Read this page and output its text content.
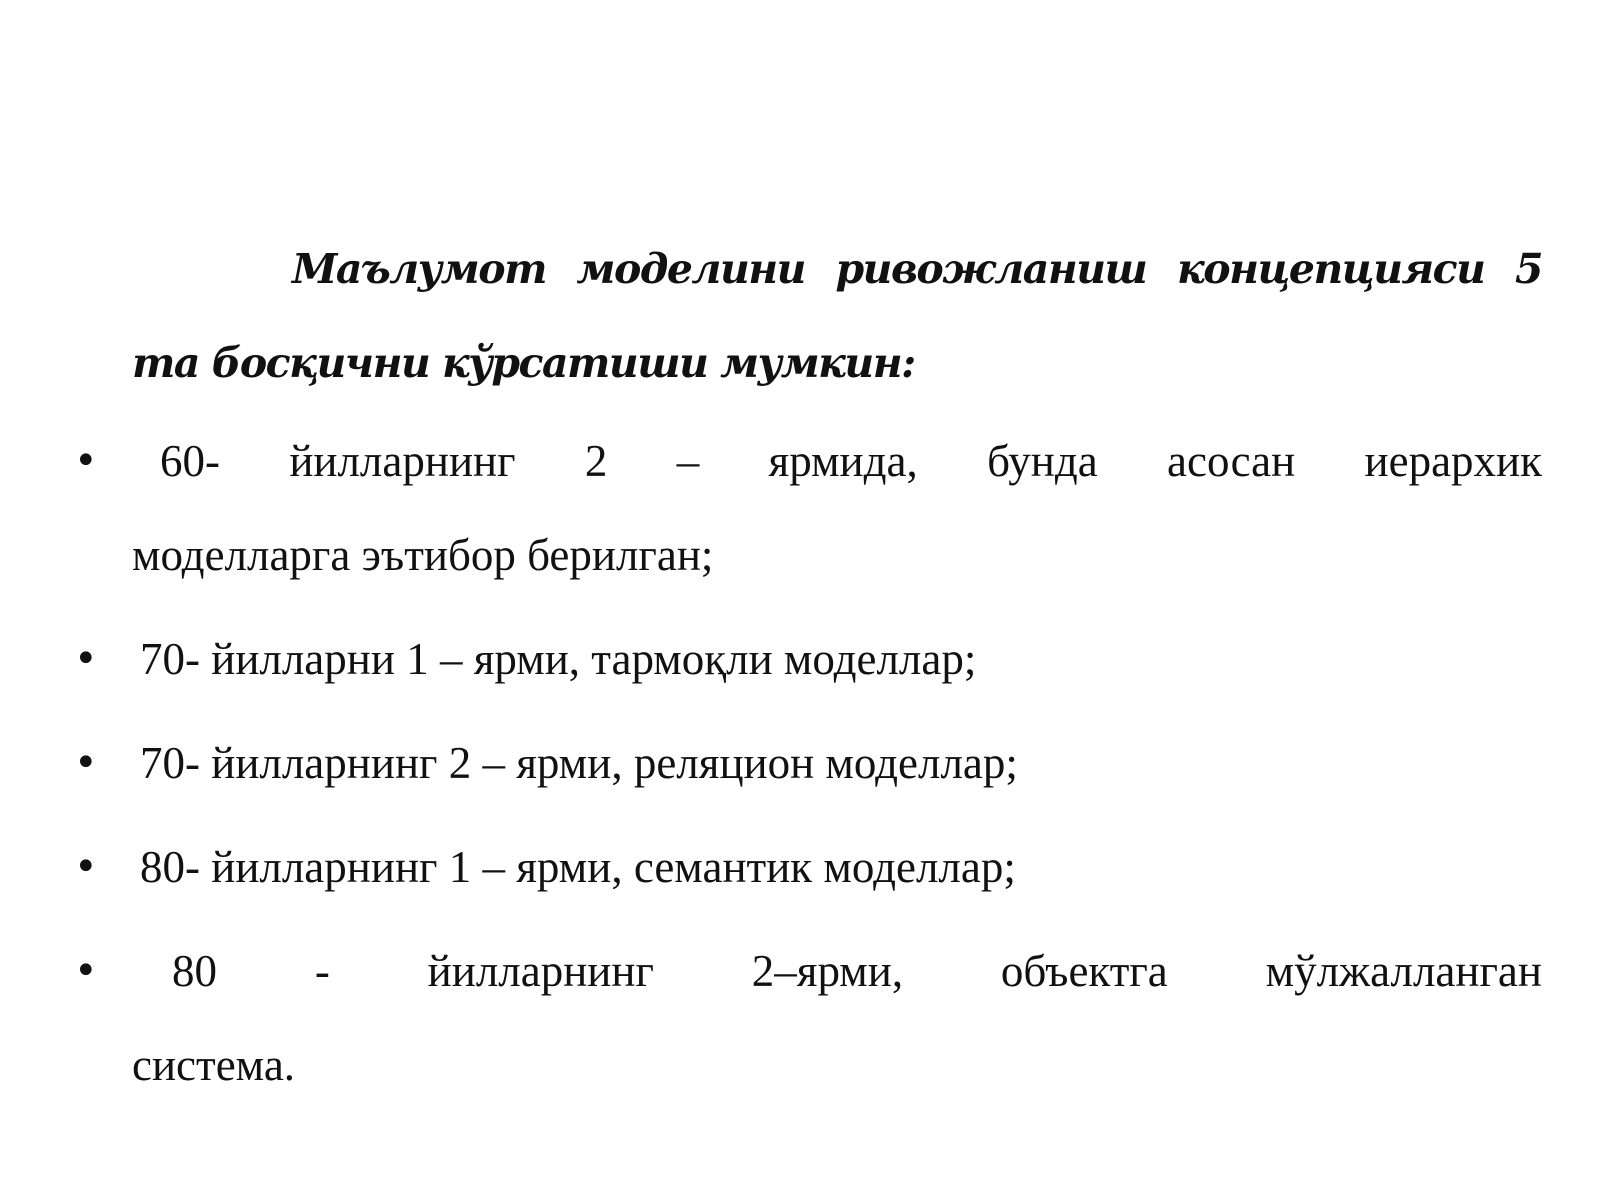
Маълумот моделини ривожланиш концепцияси 5 та босқични кўрсатиши мумкин:

•	60- йилларнинг 2 – ярмида, бунда асосан иерархик
моделларга эътибор берилган;
• 70- йилларни 1 – ярми, тармоқли моделлар;
• 70- йилларнинг 2 – ярми, реляцион моделлар;
• 80- йилларнинг 1 – ярми, семантик моделлар;
•	80 - йилларнинг 2–ярми, объектга мўлжалланган
система.
